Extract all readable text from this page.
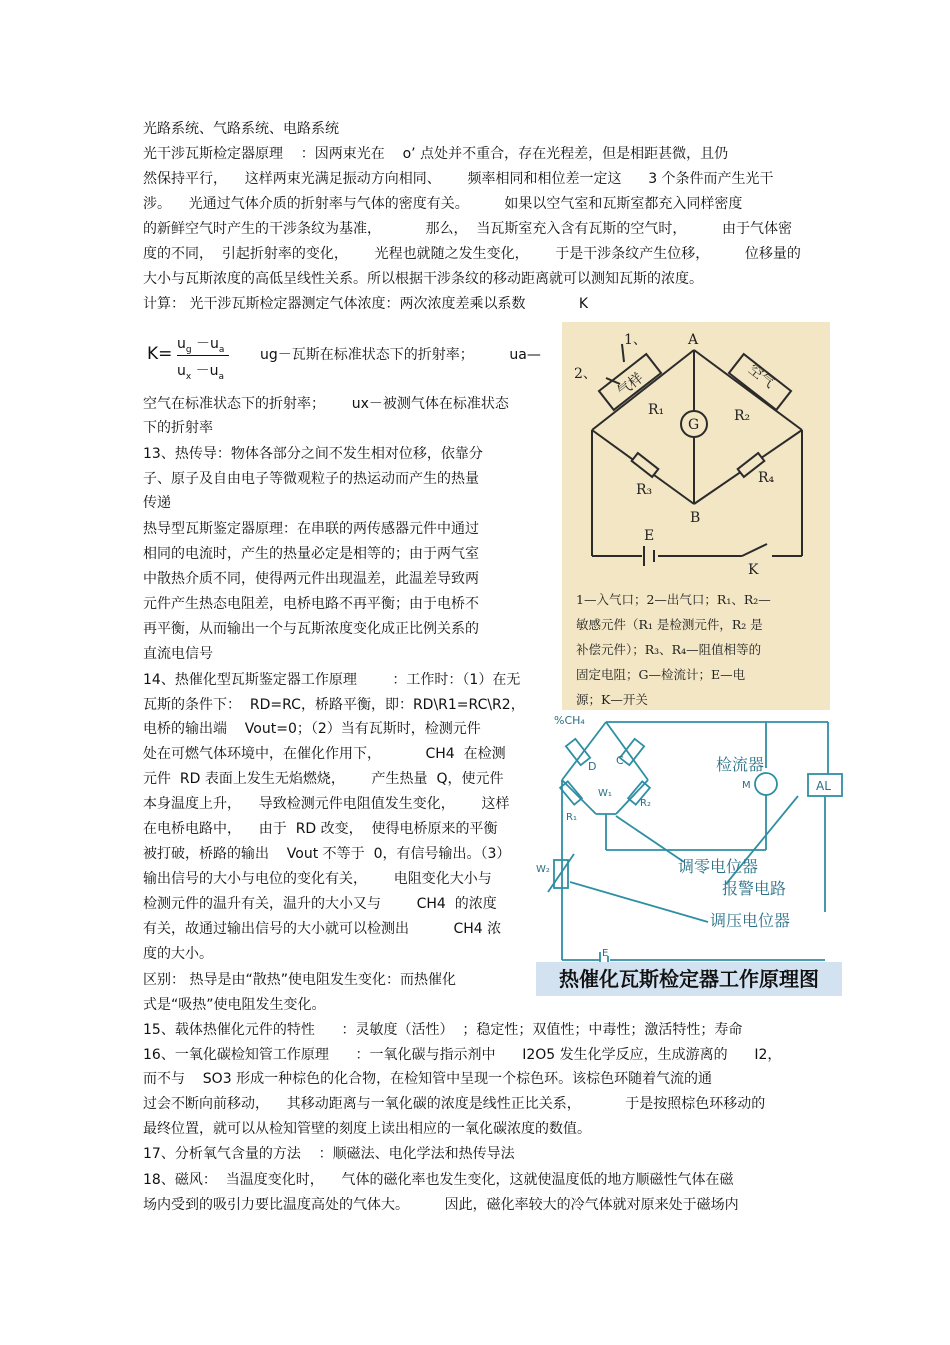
光路系统、气路系统、电路系统
光干涉瓦斯检定器原理    ：因两束光在    o’ 点处并不重合，存在光程差，但是相距甚微，且仍
然保持平行，    这样两束光满足振动方向相同、      频率相同和相位差一定这      3 个条件而产生光干
涉。    光通过气体介质的折射率与气体的密度有关。        如果以空气室和瓦斯室都充入同样密度
的新鲜空气时产生的干涉条纹为基准，          那么，  当瓦斯室充入含有瓦斯的空气时，        由于气体密
度的不同，  引起折射率的变化，      光程也就随之发生变化，      于是干涉条纹产生位移，        位移量的
大小与瓦斯浓度的高低呈线性关系。所以根据干涉条纹的移动距离就可以测知瓦斯的浓度。
计算： 光干涉瓦斯检定器测定气体浓度：两次浓度差乘以系数            K
$K= u_g -u_a$
$u_x -u_a$
ug－瓦斯在标准状态下的折射率；        ua—
空气在标准状态下的折射率；      ux－被测气体在标准状态
下的折射率
13、热传导：物体各部分之间不发生相对位移，依靠分
子、原子及自由电子等微观粒子的热运动而产生的热量
传递
热导型瓦斯鉴定器原理：在串联的两传感器元件中通过
相同的电流时，产生的热量必定是相等的；由于两气室
中散热介质不同，使得两元件出现温差，此温差导致两
元件产生热态电阻差，电桥电路不再平衡；由于电桥不
再平衡，从而输出一个与瓦斯浓度变化成正比例关系的
直流电信号
14、热催化型瓦斯鉴定器工作原理        ：工作时：（1）在无
瓦斯的条件下：  RD=RC，桥路平衡，即：RD\R1=RC\R2，
电桥的输出端    Vout=0；（2）当有瓦斯时，检测元件
处在可燃气体环境中，在催化作用下，          CH4  在检测
元件  RD 表面上发生无焰燃烧，      产生热量  Q，使元件
本身温度上升，    导致检测元件电阻值发生变化，      这样
在电桥电路中，    由于  RD 改变，  使得电桥原来的平衡
被打破，桥路的输出    Vout 不等于  0，有信号输出。（3）
输出信号的大小与电位的变化有关，      电阻变化大小与
检测元件的温升有关，温升的大小又与        CH4  的浓度
有关，故通过输出信号的大小就可以检测出          CH4 浓
度的大小。
区别： 热导是由“散热”使电阻发生变化：而热催化
式是“吸热”使电阻发生变化。
15、载体热催化元件的特性      ：灵敏度（活性）  ；稳定性；双值性；中毒性；激活特性；寿命
16、一氧化碳检知管工作原理      ：一氧化碳与指示剂中      I2O5 发生化学反应，生成游离的      I2，
而不与    SO3 形成一种棕色的化合物，在检知管中呈现一个棕色环。该棕色环随着气流的通
过会不断向前移动，    其移动距离与一氧化碳的浓度是线性正比关系，          于是按照棕色环移动的
最终位置，就可以从检知管壁的刻度上读出相应的一氧化碳浓度的数值。
17、分析氧气含量的方法    ：顺磁法、电化学法和热传导法
18、磁风：  当温度变化时，    气体的磁化率也发生变化，这就使温度低的地方顺磁性气体在磁
场内受到的吸引力要比温度高处的气体大。        因此，磁化率较大的冷气体就对原来处于磁场内
1、
2、
A
B
气样	空气
R₁	R₂
R₃
R₄
G
E
K
1—入气口；2—出气口；R₁、R₂—
敏感元件（R₁ 是检测元件，R₂ 是
补偿元件）；R₃、R₄—阻值相等的
固定电阻；G—检流计；E—电
源；K—开关
%CH₄
D C
R₁
R₂
W₁
W₂
检流器
M	AL
调零电位器
报警电路
调压电位器
E
热催化瓦斯检定器工作原理图
